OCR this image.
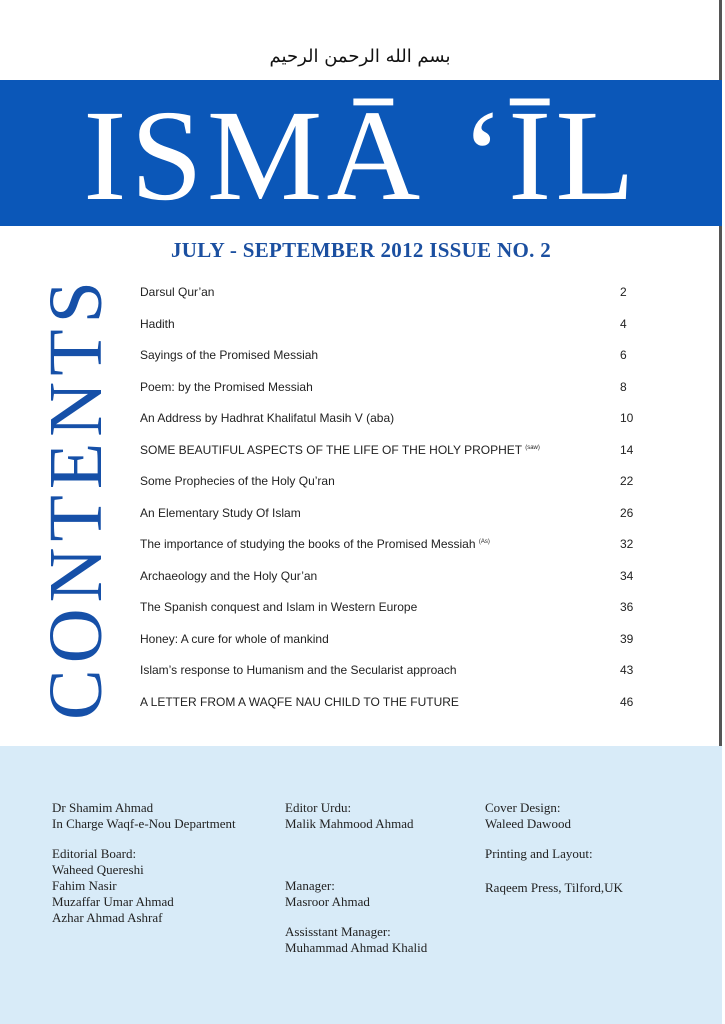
بسم الله الرحمن الرحيم
ISMĀ ‘ĪL
JULY - SEPTEMBER 2012 ISSUE NO. 2
CONTENTS Darsul Qur’an	2
Hadith	4
Sayings of the Promised Messiah	6
Poem: by the Promised Messiah	8
An Address by Hadhrat Khalifatul Masih V (aba)	10
SOME BEAUTIFUL ASPECTS OF THE LIFE OF THE HOLY PROPHET $^{(saw)}$	14
Some Prophecies of the Holy Qu’ran	22
An Elementary Study Of Islam	26
The importance of studying the books of the Promised Messiah $^{(As)}$	32
Archaeology and the Holy Qur’an	34
The Spanish conquest and Islam in Western Europe	36
Honey: A cure for whole of mankind	39
Islam’s response to Humanism and the Secularist approach	43
A LETTER FROM A WAQFE NAU CHILD TO THE FUTURE	46
Dr Shamim Ahmad
In Charge Waqf-e-Nou Department
Editorial Board:
Waheed Quereshi
Fahim Nasir
Muzaffar Umar Ahmad
Azhar Ahmad Ashraf
Editor Urdu:
Malik Mahmood Ahmad
Manager:
Masroor Ahmad
Assisstant Manager:
Muhammad Ahmad Khalid
Cover Design:
Waleed Dawood
Printing and Layout:
Raqeem Press, Tilford,UK
